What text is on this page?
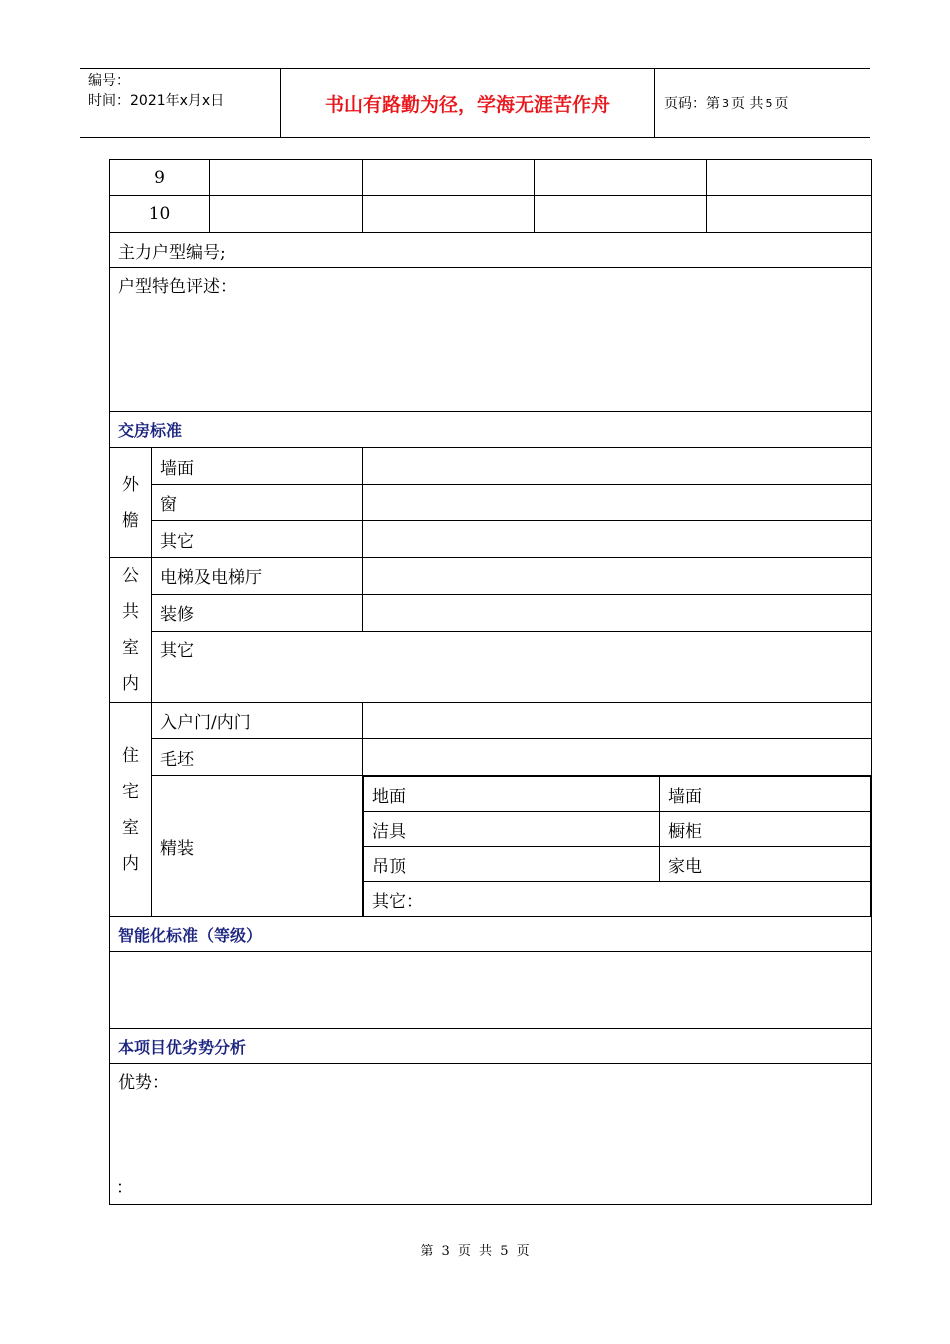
编号：
时间：2021年x月x日	书山有路勤为径，学海无涯苦作舟	页码：第 3 页 共 5 页
9				
10				
主力户型编号;
户型特色评述：
交房标准

外
檐
	墙面	
窗	
其它	

公
共
室
内
	电梯及电梯厅	
装修	
其它

住
宅
室
内
	入户门/内门	
毛坯	
精装	
地面	墙面
洁具	橱柜
吊顶	家电
其它：

智能化标准（等级）

本项目优劣势分析
优势：
：
第 3 页 共 5 页
